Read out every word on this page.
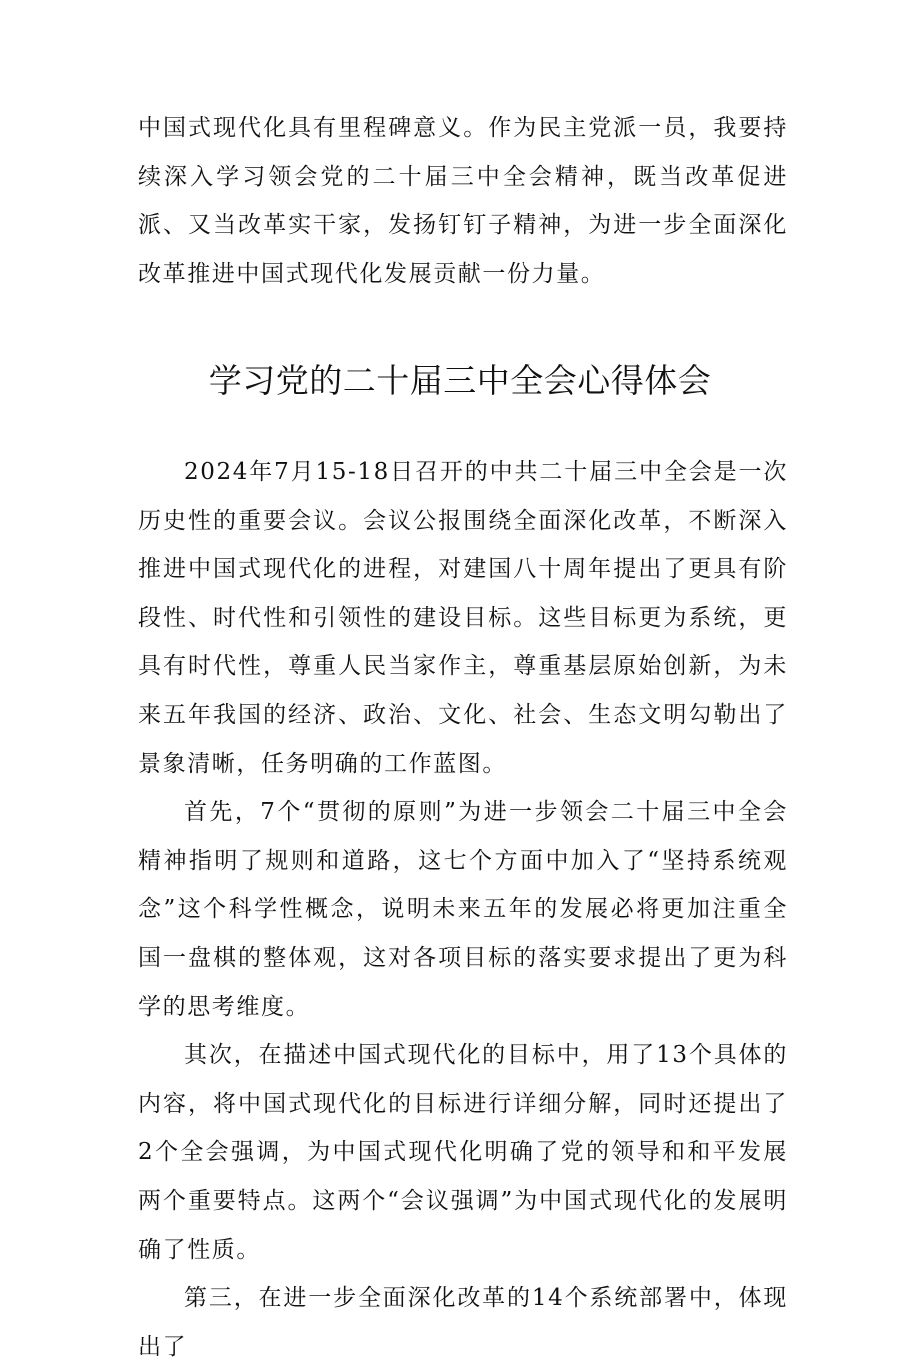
中国式现代化具有里程碑意义。作为民主党派一员，我要持续深入学习领会党的二十届三中全会精神，既当改革促进派、又当改革实干家，发扬钉钉子精神，为进一步全面深化改革推进中国式现代化发展贡献一份力量。

学习党的二十届三中全会心得体会

2024年7月15-18日召开的中共二十届三中全会是一次历史性的重要会议。会议公报围绕全面深化改革，不断深入推进中国式现代化的进程，对建国八十周年提出了更具有阶段性、时代性和引领性的建设目标。这些目标更为系统，更具有时代性，尊重人民当家作主，尊重基层原始创新，为未来五年我国的经济、政治、文化、社会、生态文明勾勒出了景象清晰，任务明确的工作蓝图。

首先，7个“贯彻的原则”为进一步领会二十届三中全会精神指明了规则和道路，这七个方面中加入了“坚持系统观念”这个科学性概念，说明未来五年的发展必将更加注重全国一盘棋的整体观，这对各项目标的落实要求提出了更为科学的思考维度。

其次，在描述中国式现代化的目标中，用了13个具体的内容，将中国式现代化的目标进行详细分解，同时还提出了2个全会强调，为中国式现代化明确了党的领导和和平发展两个重要特点。这两个“会议强调”为中国式现代化的发展明确了性质。

第三，在进一步全面深化改革的14个系统部署中，体现出了
